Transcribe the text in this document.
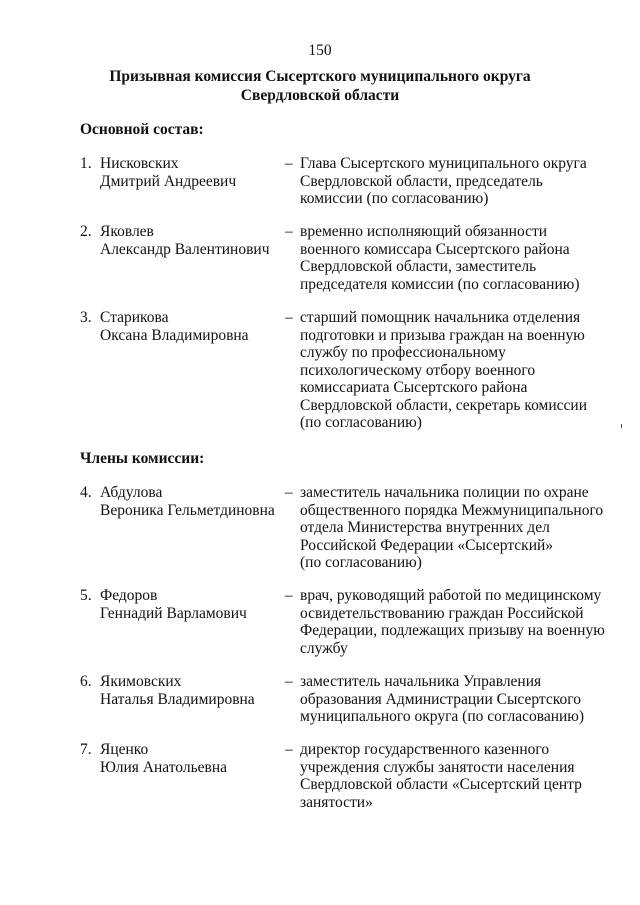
150
Призывная комиссия Сысертского муниципального округа
Свердловской области
Основной состав:
1. Нисковских
Дмитрий Андреевич
– Глава Сысертского муниципального округа
Свердловской области, председатель
комиссии (по согласованию)
2. Яковлев
Александр Валентинович
– временно исполняющий обязанности
военного комиссара Сысертского района
Свердловской области, заместитель
председателя комиссии (по согласованию)
3. Старикова
Оксана Владимировна
– старший помощник начальника отделения
подготовки и призыва граждан на военную
службу по профессиональному
психологическому отбору военного
комиссариата Сысертского района
Свердловской области, секретарь комиссии
(по согласованию)
Члены комиссии:
4. Абдулова
Вероника Гельметдиновна
– заместитель начальника полиции по охране
общественного порядка Межмуниципального
отдела Министерства внутренних дел
Российской Федерации «Сысертский»
(по согласованию)
5. Федоров
Геннадий Варламович
– врач, руководящий работой по медицинскому
освидетельствованию граждан Российской
Федерации, подлежащих призыву на военную
службу
6. Якимовских
Наталья Владимировна
– заместитель начальника Управления
образования Администрации Сысертского
муниципального округа (по согласованию)
7. Яценко
Юлия Анатольевна
– директор государственного казенного
учреждения службы занятости населения
Свердловской области «Сысертский центр
занятости»
